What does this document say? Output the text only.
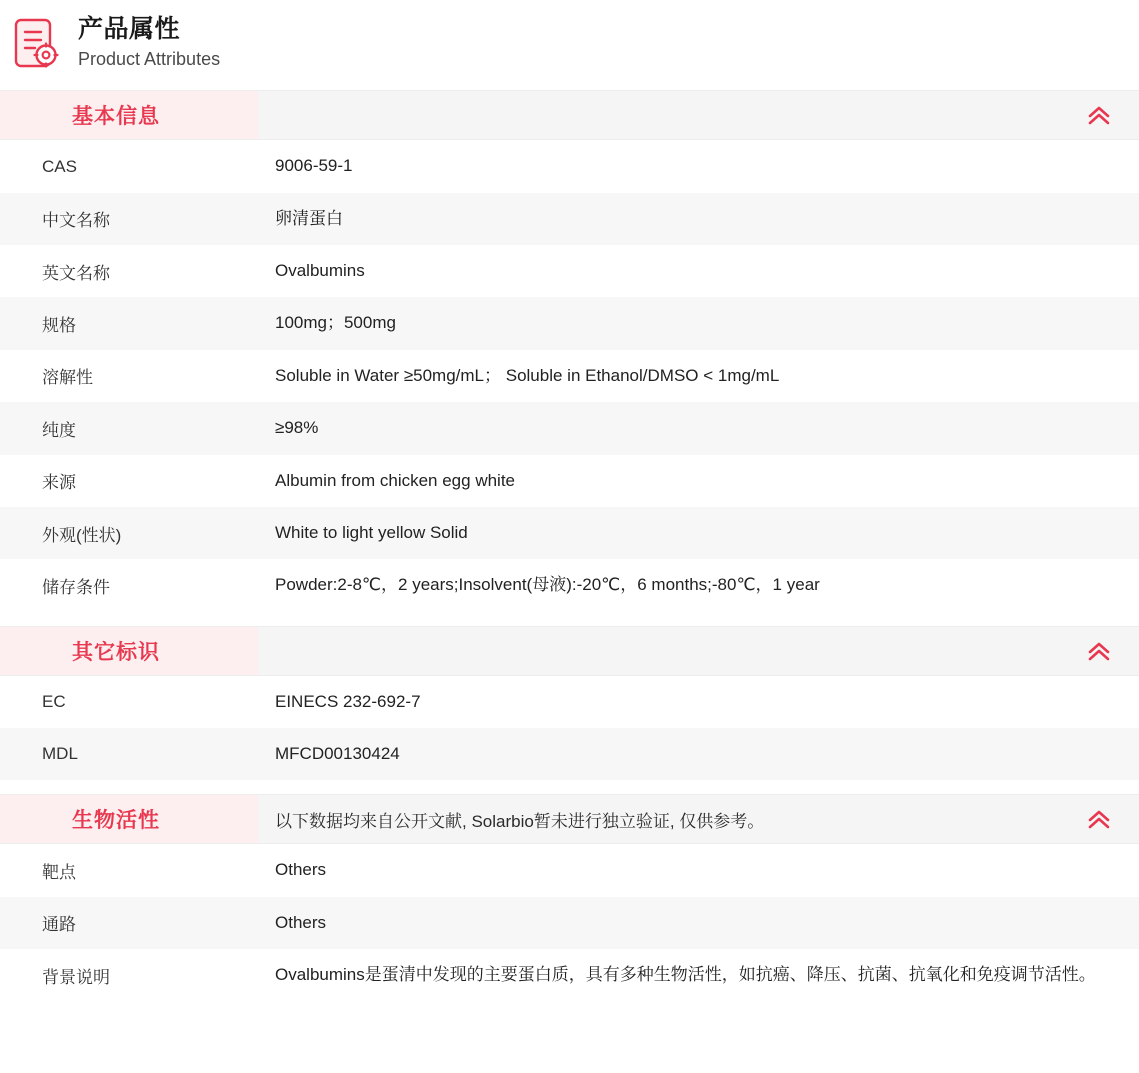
产品属性
Product Attributes
基本信息
CAS	9006-59-1
中文名称	卵清蛋白
英文名称	Ovalbumins
规格	100mg；500mg
溶解性	Soluble in Water ≥50mg/mL； Soluble in Ethanol/DMSO < 1mg/mL
纯度	≥98%
来源	Albumin from chicken egg white
外观(性状)	White to light yellow Solid
储存条件	Powder:2-8℃，2 years;Insolvent(母液):-20℃，6 months;-80℃，1 year
其它标识
EC	EINECS 232-692-7
MDL	MFCD00130424
生物活性	以下数据均来自公开文献, Solarbio暂未进行独立验证, 仅供参考。
靶点	Others
通路	Others
背景说明	Ovalbumins是蛋清中发现的主要蛋白质，具有多种生物活性，如抗癌、降压、抗菌、抗氧化和免疫调节活性。
